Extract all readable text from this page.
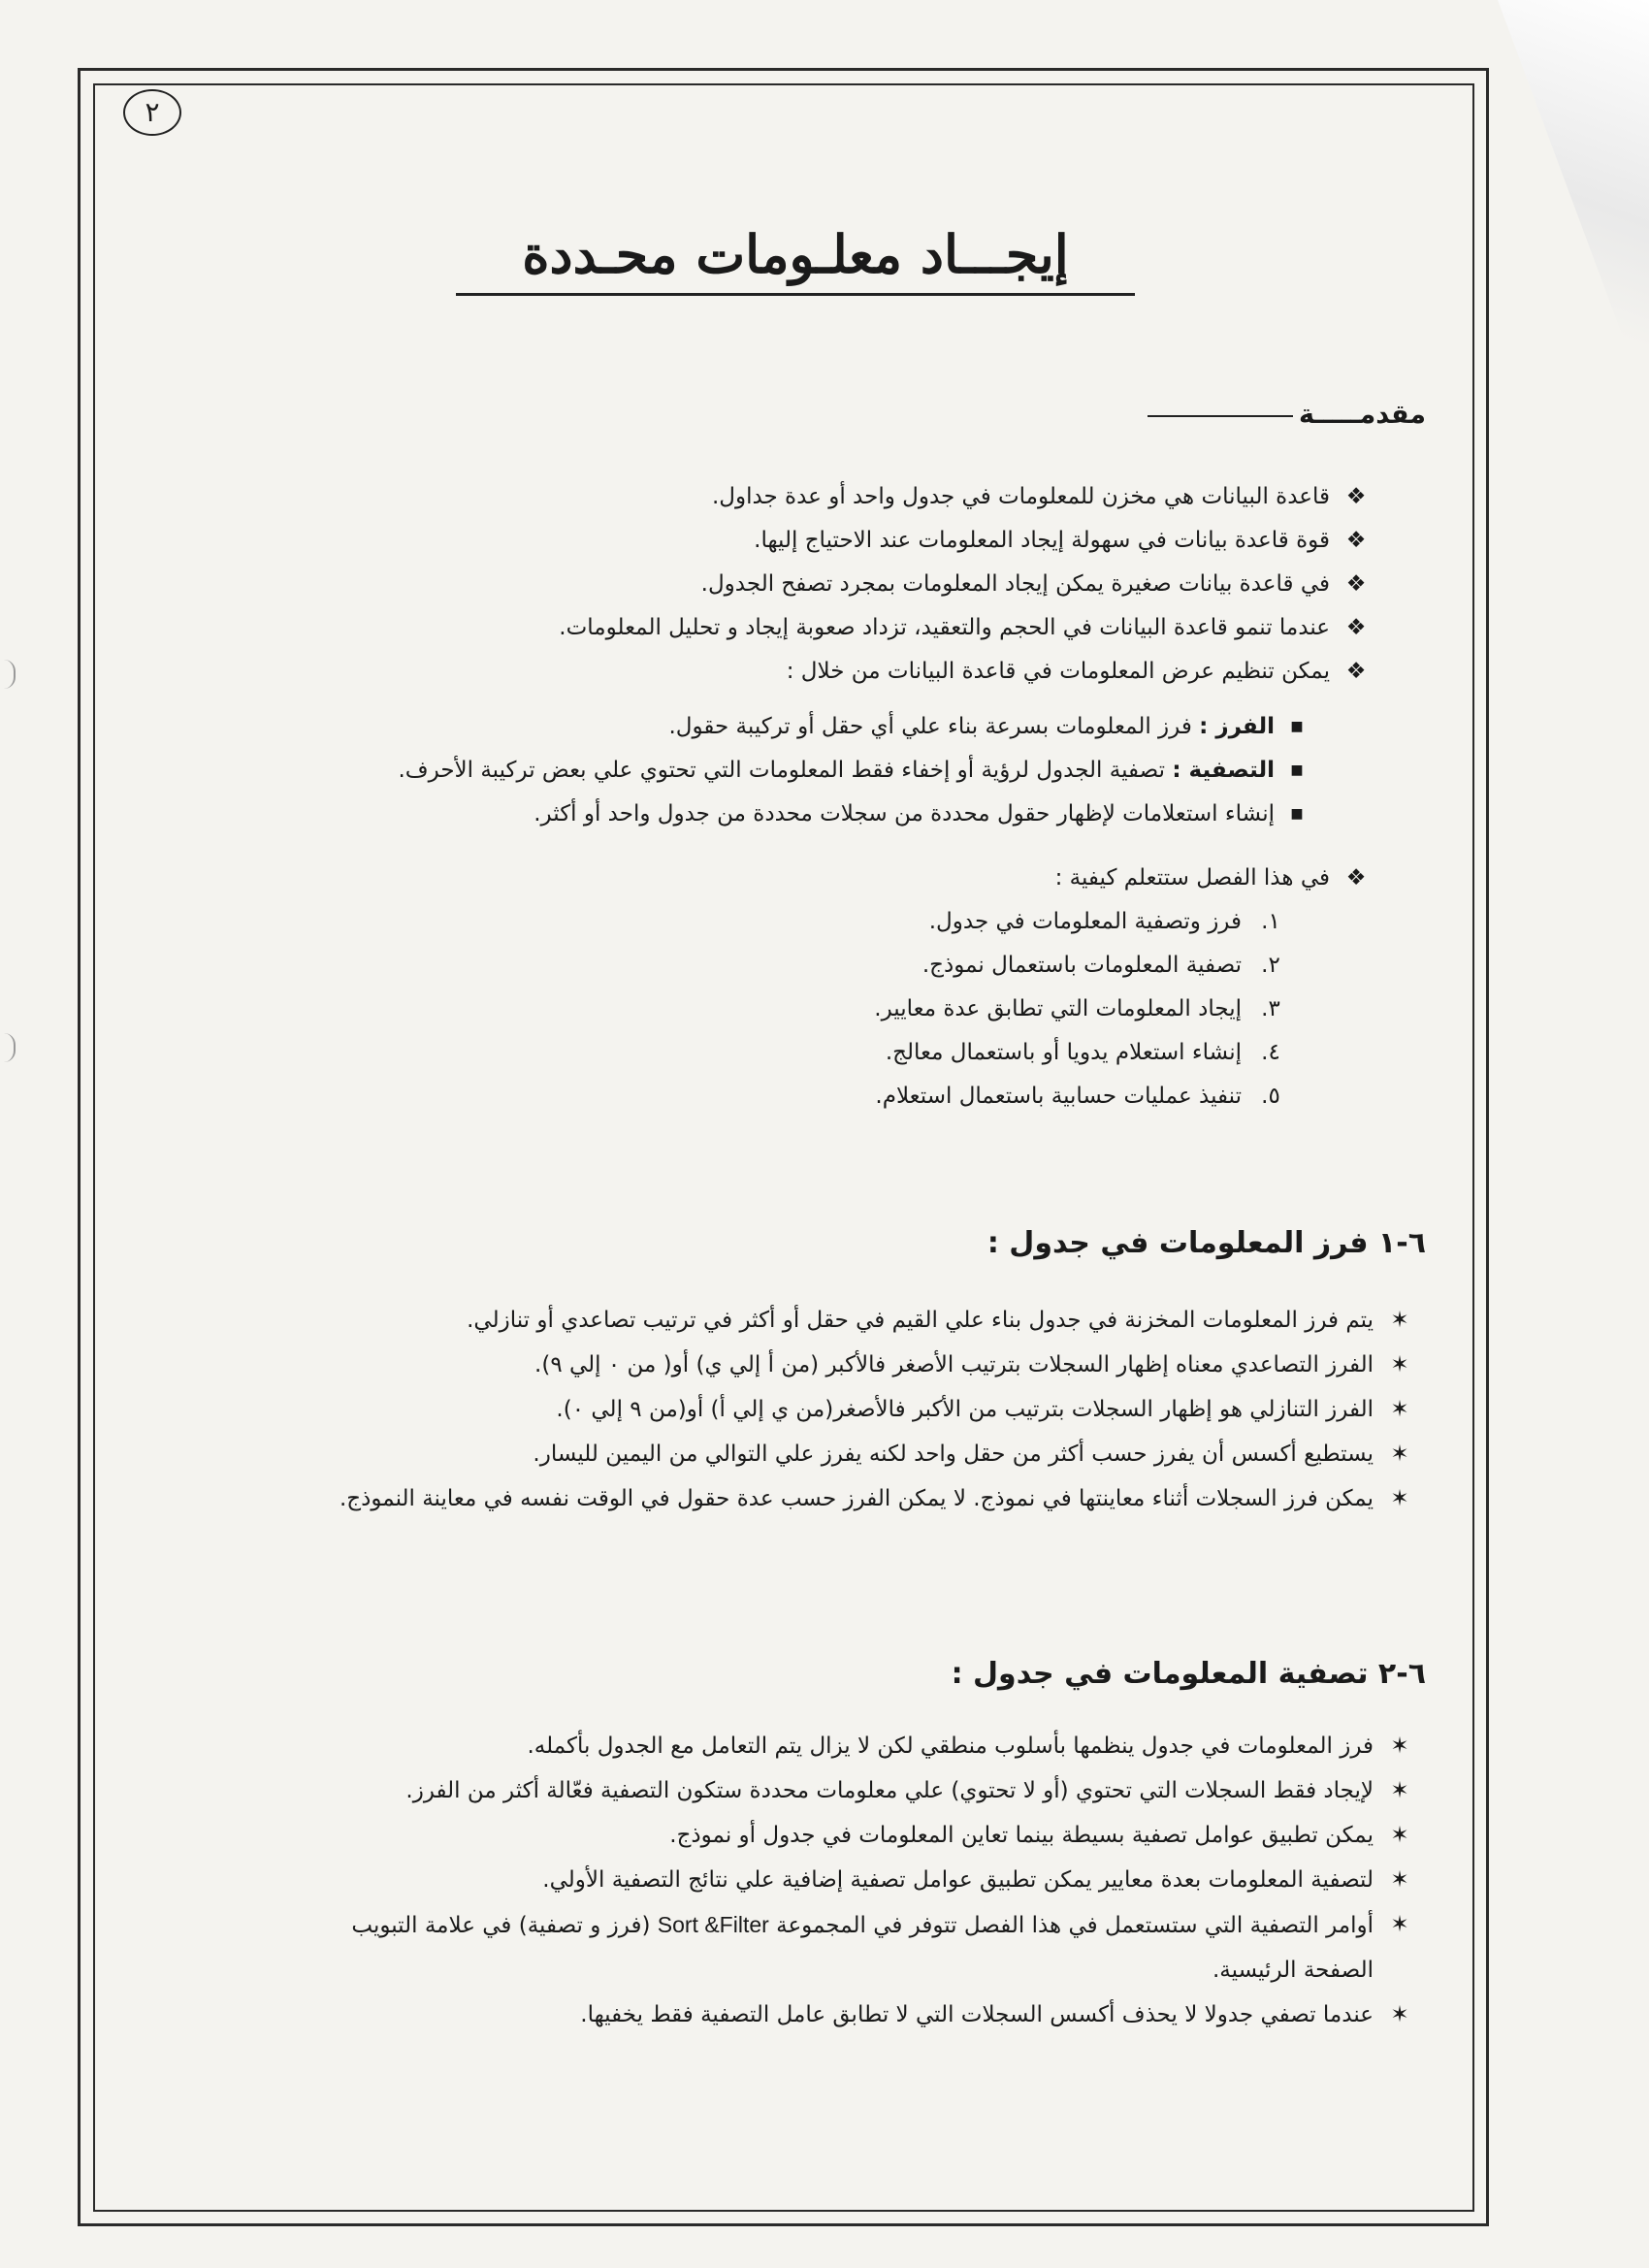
٢
إيجـــاد معلـومات محـددة
مقدمـــــة
❖
قاعدة البيانات هي مخزن للمعلومات في جدول واحد أو عدة جداول.
❖
قوة قاعدة بيانات في سهولة إيجاد المعلومات عند الاحتياج إليها.
❖
في قاعدة بيانات صغيرة يمكن إيجاد المعلومات بمجرد تصفح الجدول.
❖
عندما تنمو قاعدة البيانات في الحجم والتعقيد، تزداد صعوبة إيجاد و تحليل المعلومات.
❖
يمكن تنظيم عرض المعلومات في قاعدة البيانات من خلال :
■
الفرز : فرز المعلومات بسرعة بناء علي أي حقل أو تركيبة حقول.
■
التصفية : تصفية الجدول لرؤية أو إخفاء فقط المعلومات التي تحتوي علي بعض تركيبة الأحرف.
■
إنشاء استعلامات لإظهار حقول محددة من سجلات محددة من جدول واحد أو أكثر.
❖
في هذا الفصل ستتعلم كيفية :
١.
فرز وتصفية المعلومات في جدول.
٢.
تصفية المعلومات باستعمال نموذج.
٣.
إيجاد المعلومات التي تطابق عدة معايير.
٤.
إنشاء استعلام يدويا أو باستعمال معالج.
٥.
تنفيذ عمليات حسابية باستعمال استعلام.
٦-١ فرز المعلومات في جدول :
✶
يتم فرز المعلومات المخزنة في جدول بناء علي القيم في حقل أو أكثر في ترتيب تصاعدي أو تنازلي.
✶
الفرز التصاعدي معناه إظهار السجلات بترتيب الأصغر فالأكبر (من أ إلي ي) أو( من ٠ إلي ٩).
✶
الفرز التنازلي هو إظهار السجلات بترتيب من الأكبر فالأصغر(من ي إلي أ) أو(من ٩ إلي ٠).
✶
يستطيع أكسس أن يفرز حسب أكثر من حقل واحد لكنه يفرز علي التوالي من اليمين لليسار.
✶
يمكن فرز السجلات أثناء معاينتها في نموذج. لا يمكن الفرز حسب عدة حقول في الوقت نفسه في معاينة النموذج.
٦-٢ تصفية المعلومات في جدول :
✶
فرز المعلومات في جدول ينظمها بأسلوب منطقي لكن لا يزال يتم التعامل مع الجدول بأكمله.
✶
لإيجاد فقط السجلات التي تحتوي (أو لا تحتوي) علي معلومات محددة ستكون التصفية فعّالة أكثر من الفرز.
✶
يمكن تطبيق عوامل تصفية بسيطة بينما تعاين المعلومات في جدول أو نموذج.
✶
لتصفية المعلومات بعدة معايير يمكن تطبيق عوامل تصفية إضافية علي نتائج التصفية الأولي.
✶
أوامر التصفية التي ستستعمل في هذا الفصل تتوفر في المجموعة Sort &Filter (فرز و تصفية) في علامة التبويب الصفحة الرئيسية.
✶
عندما تصفي جدولا لا يحذف أكسس السجلات التي لا تطابق عامل التصفية فقط يخفيها.
